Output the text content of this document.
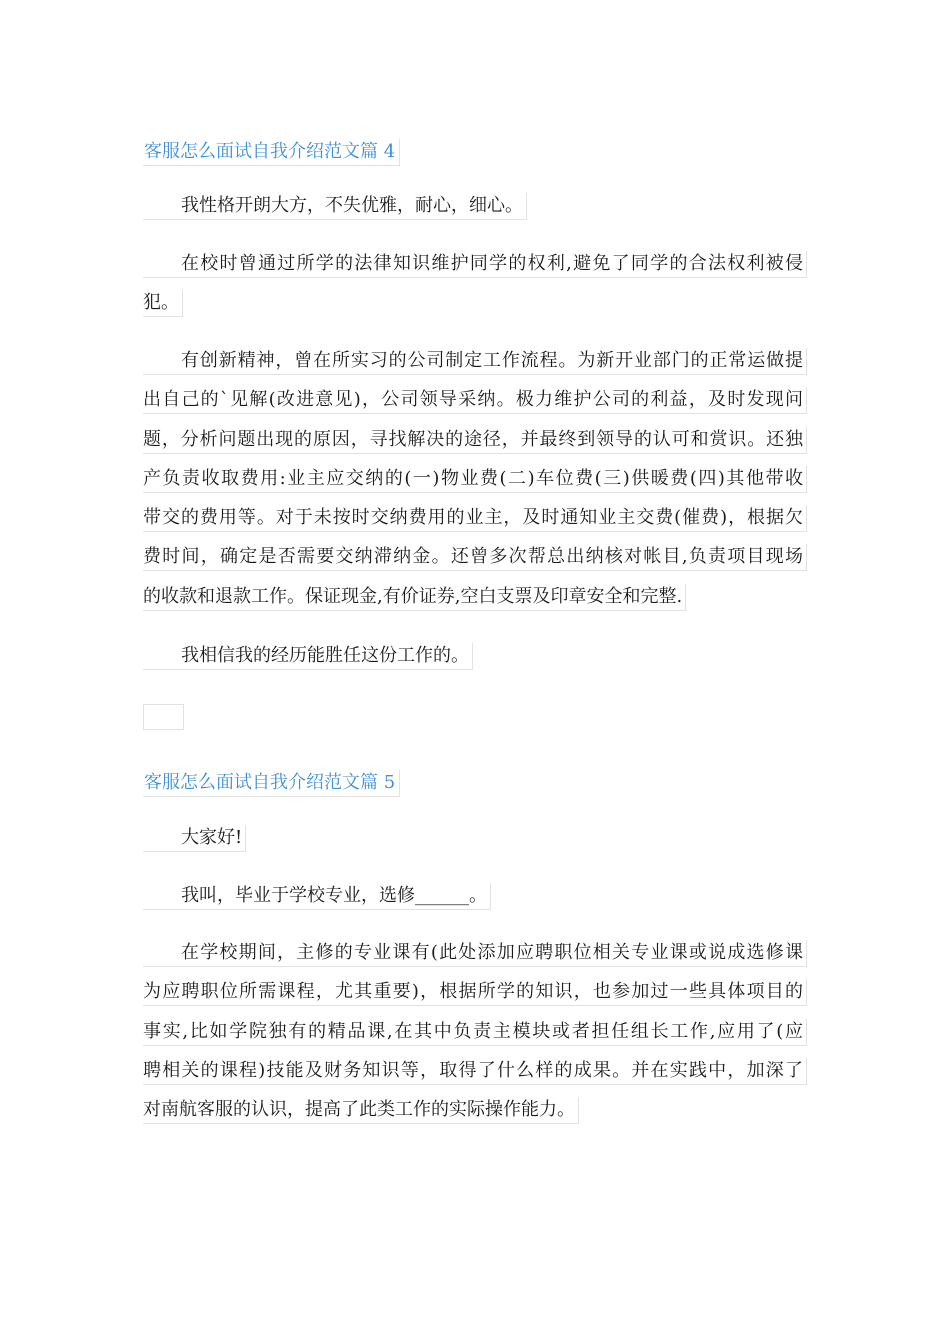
客服怎么面试自我介绍范文篇 4
我性格开朗大方，不失优雅，耐心，细心。
在校时曾通过所学的法律知识维护同学的权利,避免了同学的合法权利被侵
犯。
有创新精神，曾在所实习的公司制定工作流程。为新开业部门的正常运做提
出自己的`见解(改进意见)，公司领导采纳。极力维护公司的利益，及时发现问
题，分析问题出现的原因，寻找解决的途径，并最终到领导的认可和赏识。还独
产负责收取费用:业主应交纳的(一)物业费(二)车位费(三)供暖费(四)其他带收
带交的费用等。对于未按时交纳费用的业主，及时通知业主交费(催费)，根据欠
费时间，确定是否需要交纳滞纳金。还曾多次帮总出纳核对帐目,负责项目现场
的收款和退款工作。保证现金,有价证券,空白支票及印章安全和完整.
我相信我的经历能胜任这份工作的。
客服怎么面试自我介绍范文篇 5
大家好!
我叫，毕业于学校专业，选修______。
在学校期间，主修的专业课有(此处添加应聘职位相关专业课或说成选修课
为应聘职位所需课程，尤其重要)，根据所学的知识，也参加过一些具体项目的
事实,比如学院独有的精品课,在其中负责主模块或者担任组长工作,应用了(应
聘相关的课程)技能及财务知识等，取得了什么样的成果。并在实践中，加深了
对南航客服的认识，提高了此类工作的实际操作能力。
